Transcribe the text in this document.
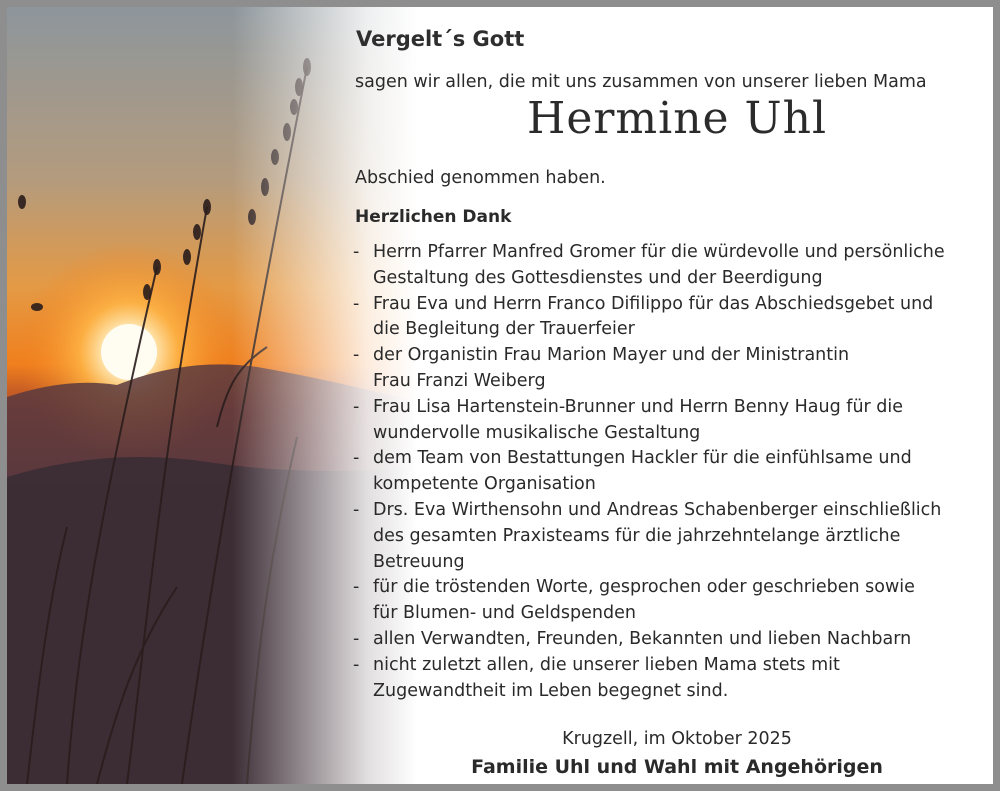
Vergelt´s Gott
sagen wir allen, die mit uns zusammen von unserer lieben Mama
Hermine Uhl
Abschied genommen haben.
Herzlichen Dank
- Herrn Pfarrer Manfred Gromer für die würdevolle und persönliche
Gestaltung des Gottesdienstes und der Beerdigung
- Frau Eva und Herrn Franco Difilippo für das Abschiedsgebet und
die Begleitung der Trauerfeier
- der Organistin Frau Marion Mayer und der Ministrantin
Frau Franzi Weiberg
- Frau Lisa Hartenstein-Brunner und Herrn Benny Haug für die
wundervolle musikalische Gestaltung
- dem Team von Bestattungen Hackler für die einfühlsame und
kompetente Organisation
- Drs. Eva Wirthensohn und Andreas Schabenberger einschließlich
des gesamten Praxisteams für die jahrzehntelange ärztliche
Betreuung
- für die tröstenden Worte, gesprochen oder geschrieben sowie
für Blumen- und Geldspenden
- allen Verwandten, Freunden, Bekannten und lieben Nachbarn
- nicht zuletzt allen, die unserer lieben Mama stets mit
Zugewandtheit im Leben begegnet sind.
Krugzell, im Oktober 2025
Familie Uhl und Wahl mit Angehörigen
